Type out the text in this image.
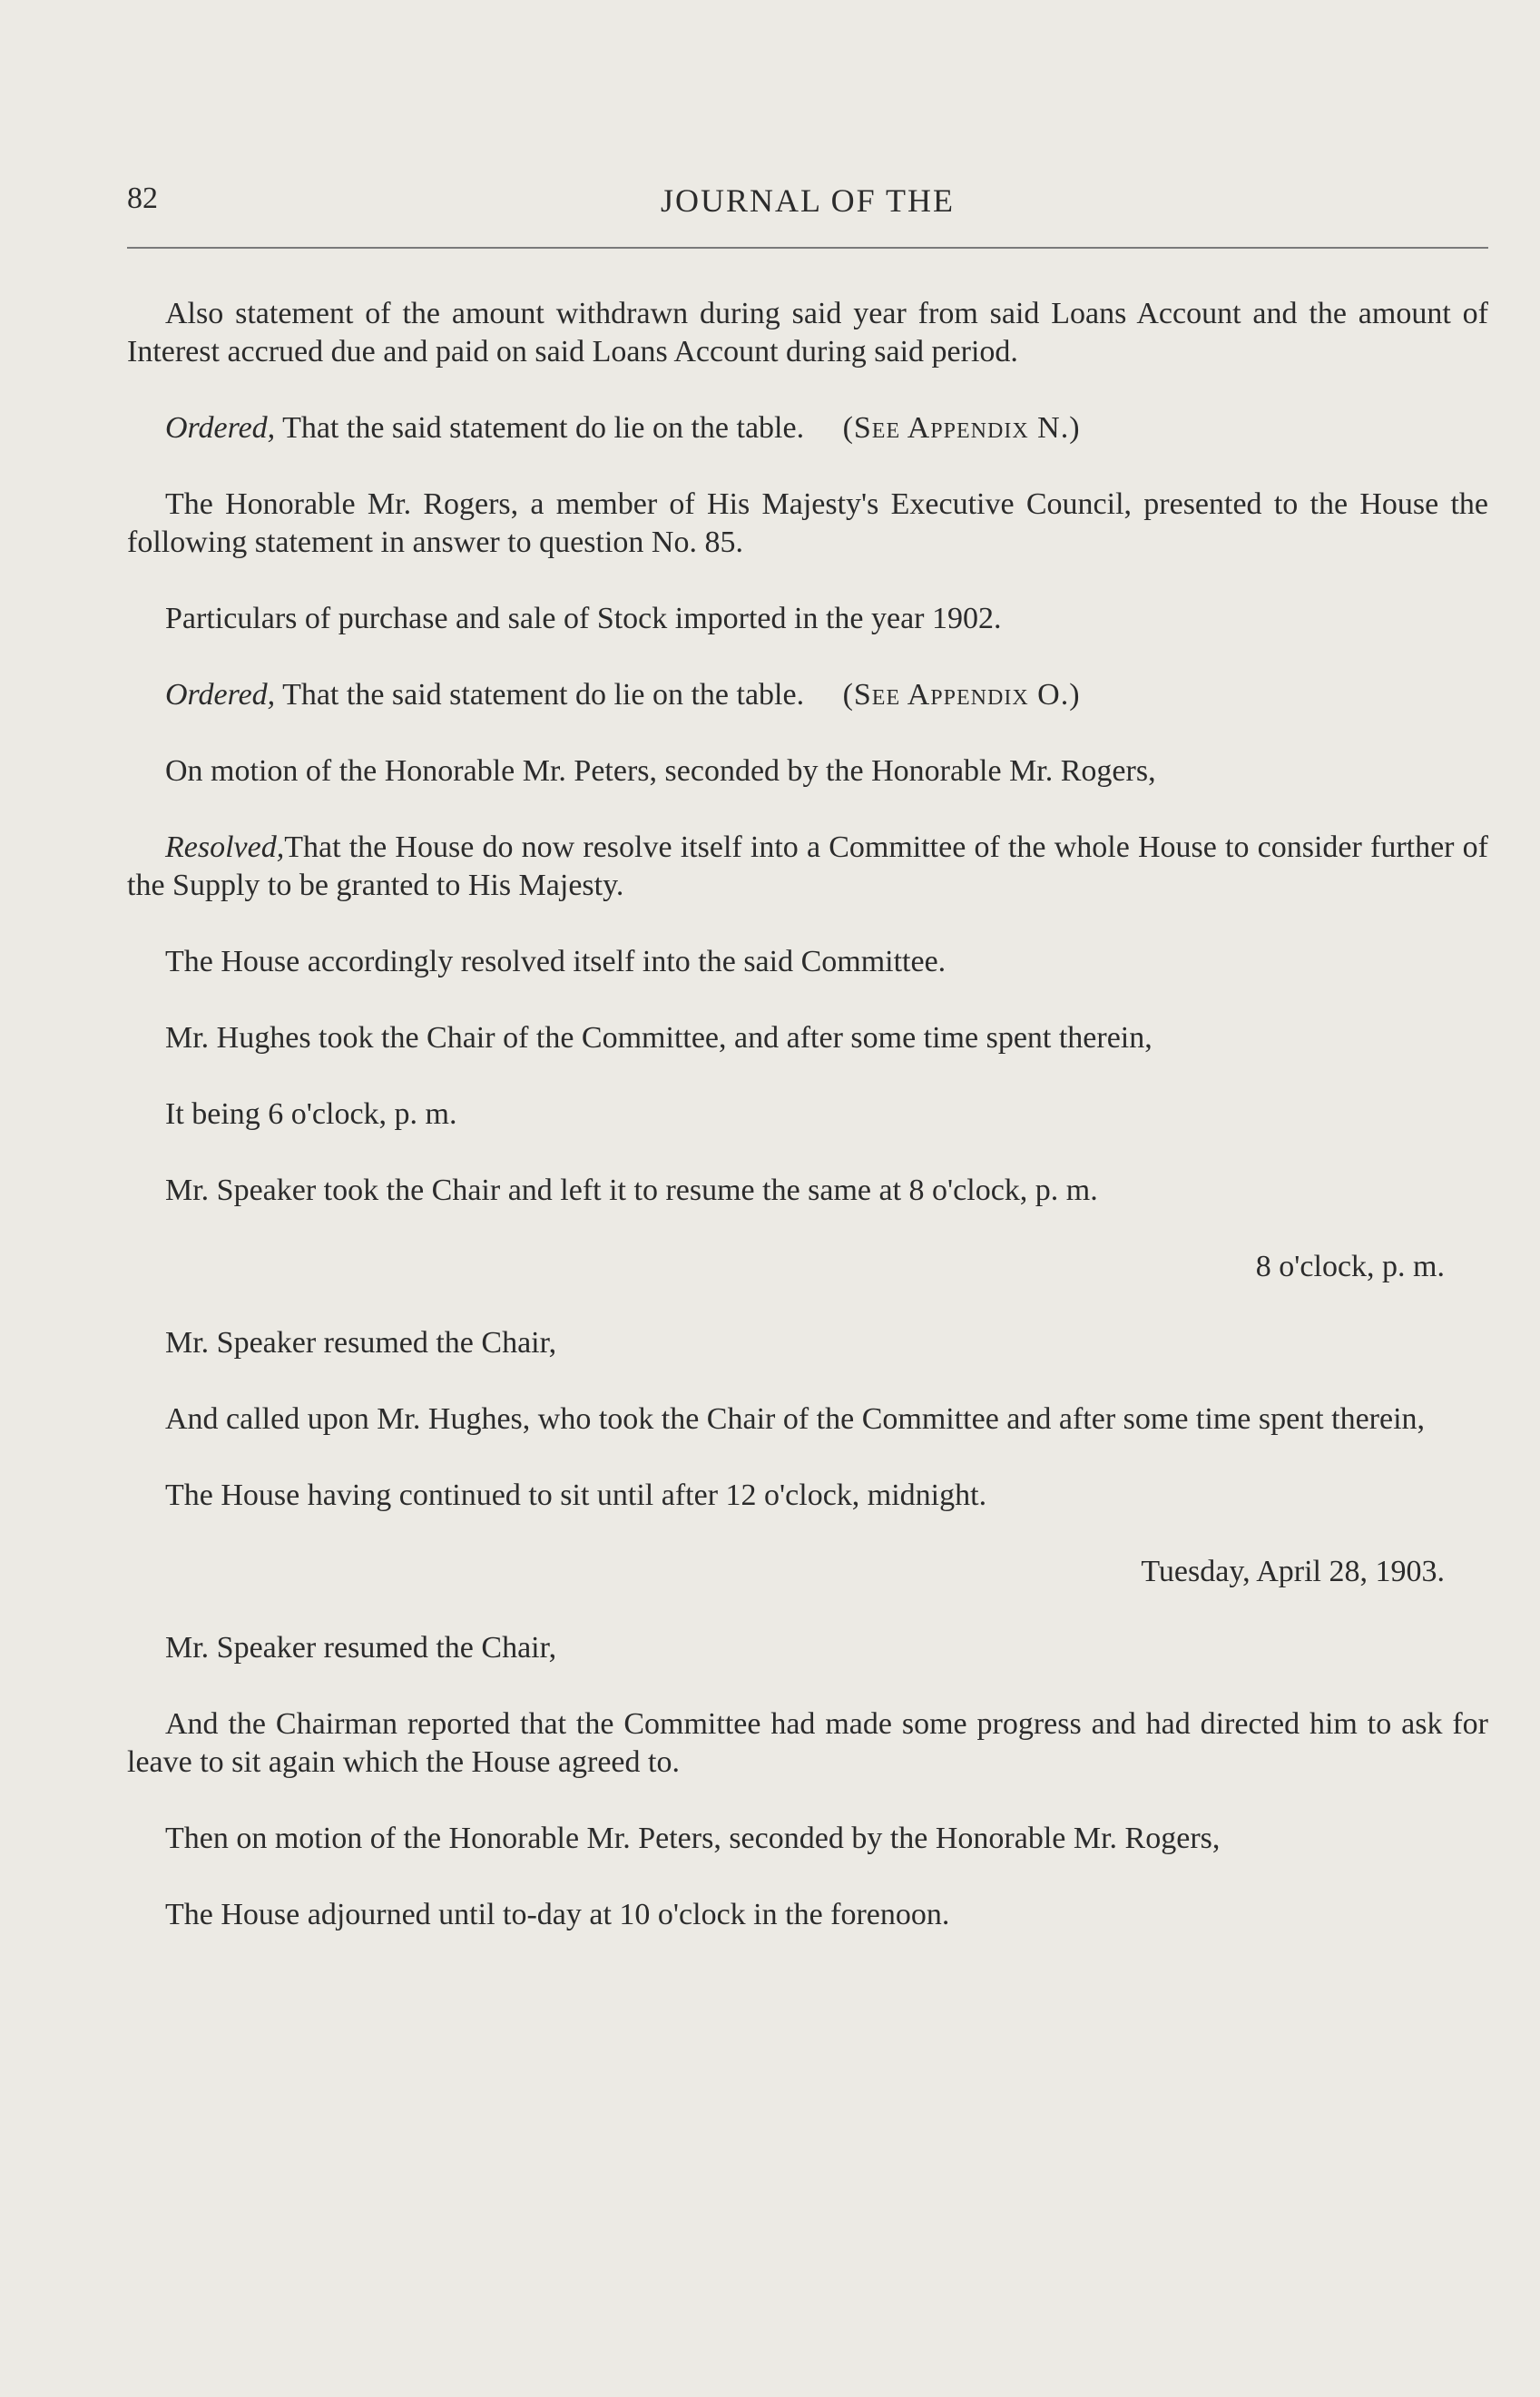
82	JOURNAL OF THE

Also statement of the amount withdrawn during said year from said Loans Account and the amount of Interest accrued due and paid on said Loans Account during said period.

Ordered, That the said statement do lie on the table. (See Appendix N.)

The Honorable Mr. Rogers, a member of His Majesty's Executive Council, presented to the House the following statement in answer to question No. 85.

Particulars of purchase and sale of Stock imported in the year 1902.

Ordered, That the said statement do lie on the table. (See Appendix O.)

On motion of the Honorable Mr. Peters, seconded by the Honorable Mr. Rogers,

Resolved,That the House do now resolve itself into a Committee of the whole House to consider further of the Supply to be granted to His Majesty.

The House accordingly resolved itself into the said Committee.

Mr. Hughes took the Chair of the Committee, and after some time spent therein,

It being 6 o'clock, p. m.

Mr. Speaker took the Chair and left it to resume the same at 8 o'clock, p. m.

8 o'clock, p. m.

Mr. Speaker resumed the Chair,

And called upon Mr. Hughes, who took the Chair of the Committee and after some time spent therein,

The House having continued to sit until after 12 o'clock, midnight.

Tuesday, April 28, 1903.

Mr. Speaker resumed the Chair,

And the Chairman reported that the Committee had made some progress and had directed him to ask for leave to sit again which the House agreed to.

Then on motion of the Honorable Mr. Peters, seconded by the Honorable Mr. Rogers,

The House adjourned until to-day at 10 o'clock in the forenoon.
